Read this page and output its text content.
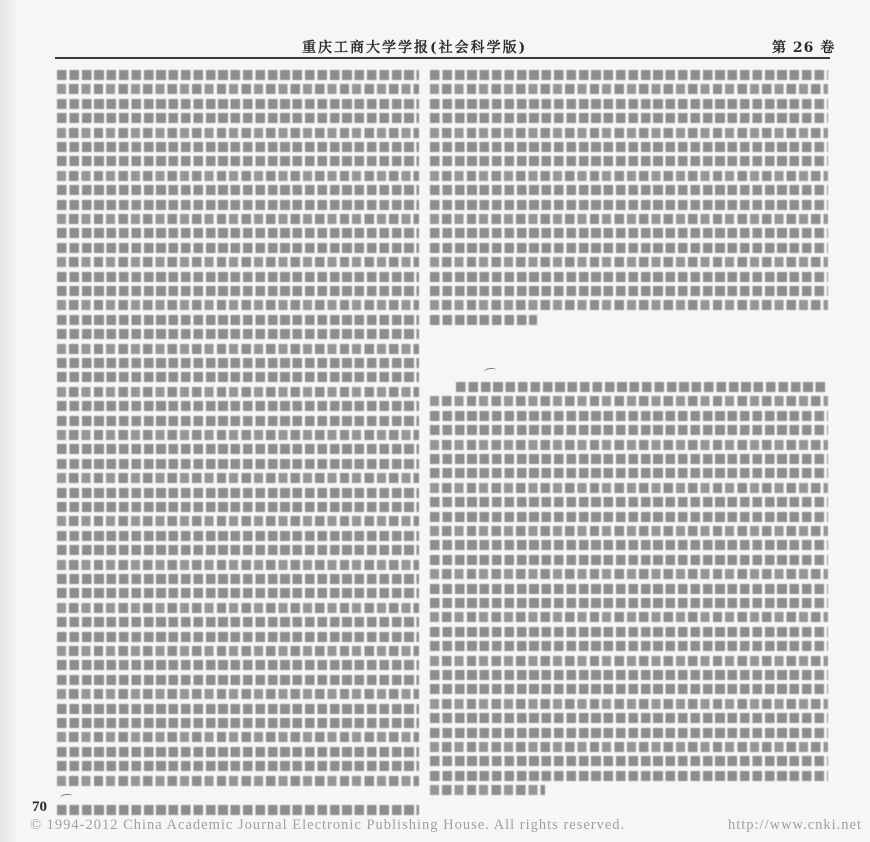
重庆工商大学学报(社会科学版)	第 26 卷
70
© 1994-2012 China Academic Journal Electronic Publishing House. All rights reserved.	http://www.cnki.net
